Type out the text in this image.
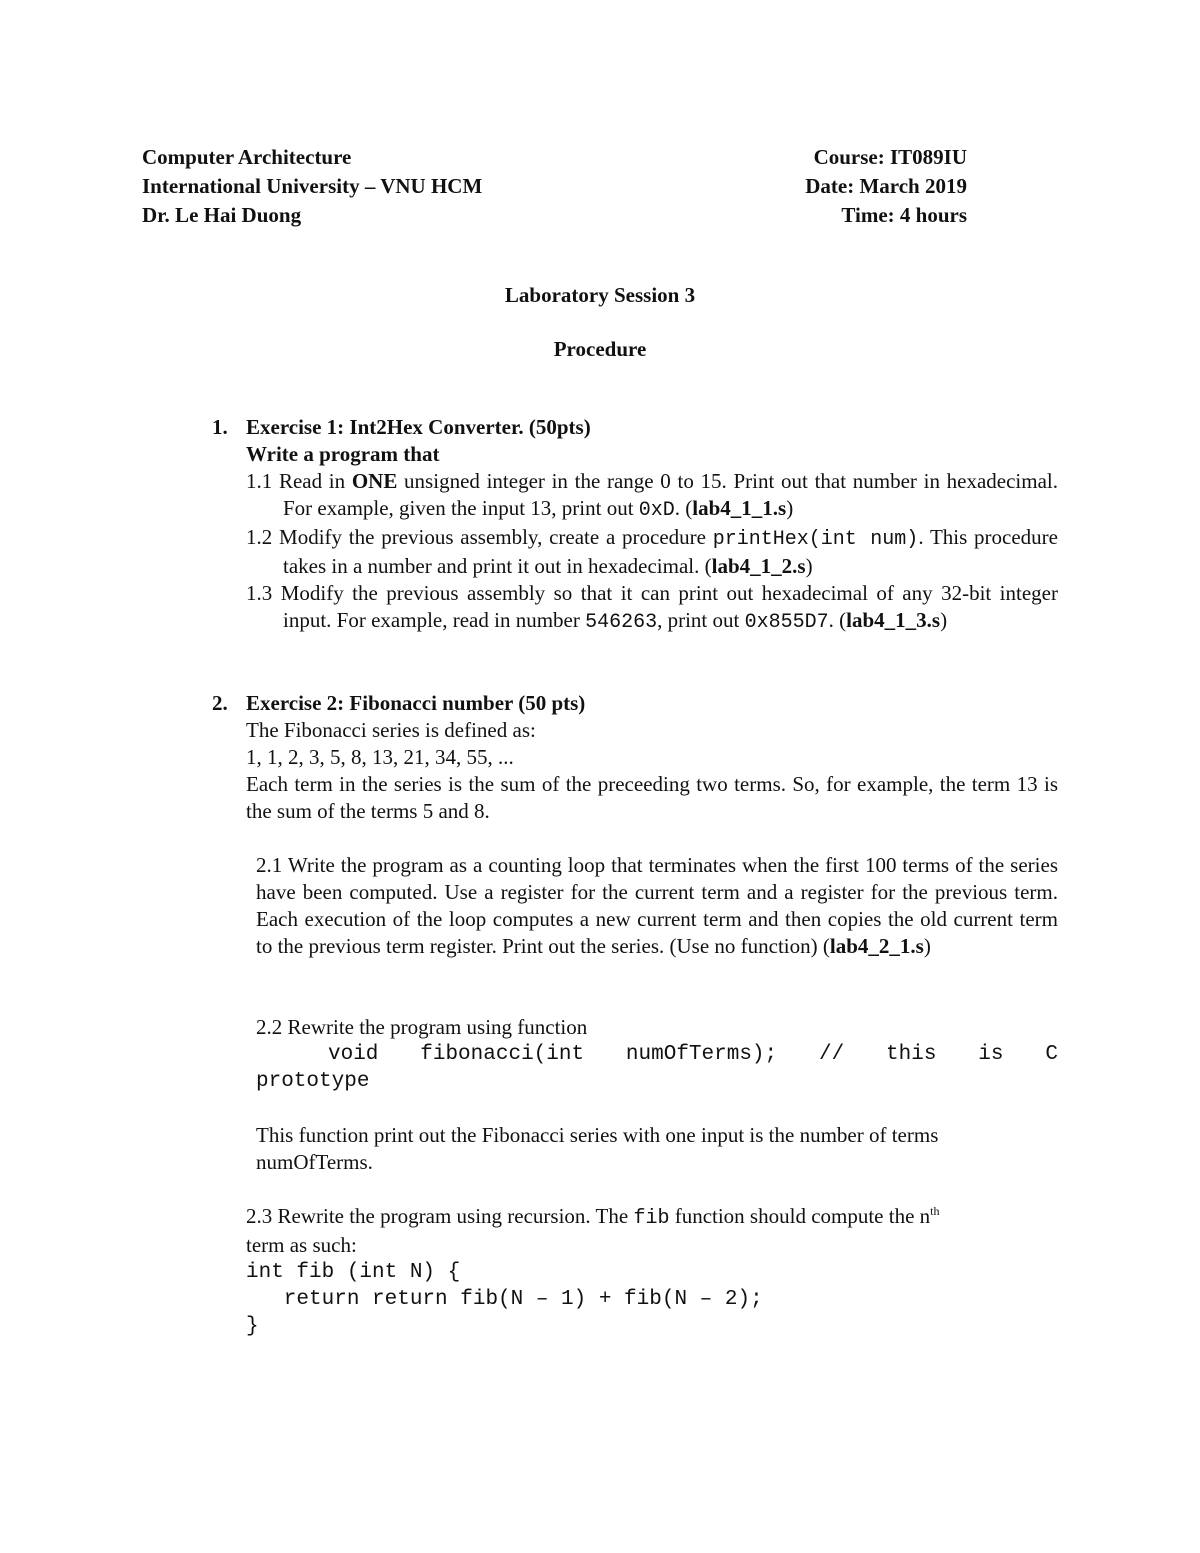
Computer Architecture
International University – VNU HCM
Dr. Le Hai Duong
Course: IT089IU
Date: March 2019
Time: 4 hours
Laboratory Session 3
Procedure
1. Exercise 1: Int2Hex Converter. (50pts)
Write a program that
1.1 Read in ONE unsigned integer in the range 0 to 15. Print out that number in hexadecimal. For example, given the input 13, print out 0xD. (lab4_1_1.s)
1.2 Modify the previous assembly, create a procedure printHex(int num). This procedure takes in a number and print it out in hexadecimal. (lab4_1_2.s)
1.3 Modify the previous assembly so that it can print out hexadecimal of any 32-bit integer input. For example, read in number 546263, print out 0x855D7. (lab4_1_3.s)
2. Exercise 2: Fibonacci number (50 pts)
The Fibonacci series is defined as:
1, 1, 2, 3, 5, 8, 13, 21, 34, 55, ...
Each term in the series is the sum of the preceeding two terms. So, for example, the term 13 is the sum of the terms 5 and 8.
2.1 Write the program as a counting loop that terminates when the first 100 terms of the series have been computed. Use a register for the current term and a register for the previous term. Each execution of the loop computes a new current term and then copies the old current term to the previous term register. Print out the series. (Use no function) (lab4_2_1.s)
2.2 Rewrite the program using function
void fibonacci(int numOfTerms); // this is C
prototype
This function print out the Fibonacci series with one input is the number of terms numOfTerms.
2.3 Rewrite the program using recursion. The fib function should compute the $n^{th}$
term as such:
int fib (int N) {
return return fib(N – 1) + fib(N – 2);
}
